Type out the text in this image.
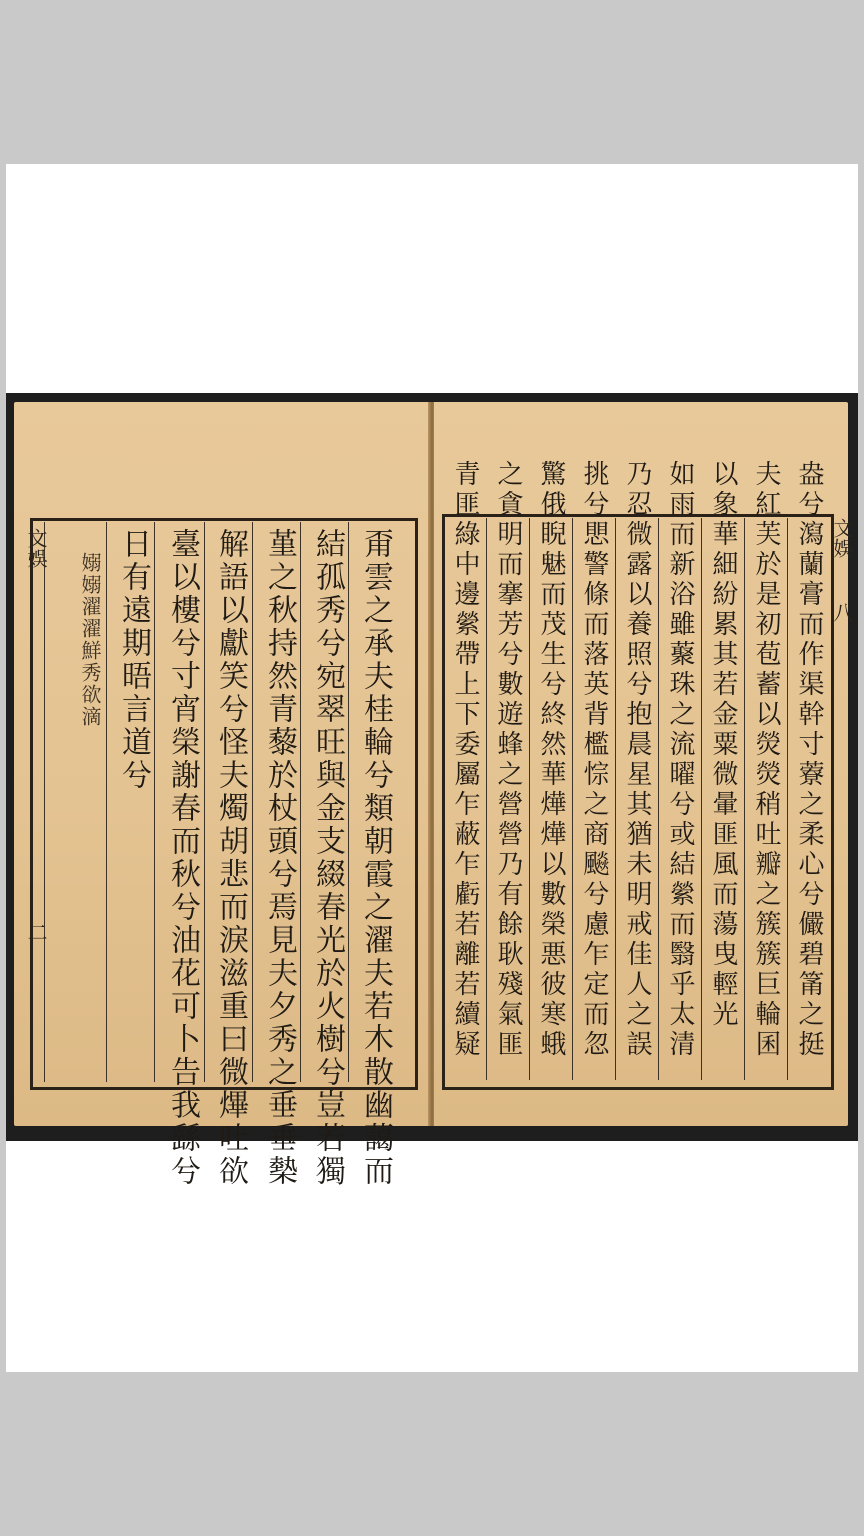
文娛
二	甭雲之承夫桂輪兮類朝霞之濯夫若木散幽藹而
結孤秀兮宛翠旺與金支綴春光於火樹兮豈若獨
堇之秋持然青藜於杖頭兮焉見夫夕秀之垂垂槷
解語以獻笑兮怪夫燭胡悲而淚滋重曰微熚吐欲
臺以樓兮寸宵榮謝春而秋兮油花可卜告我繇兮
日有遠期晤言道兮
嫋嫋濯濯鮮秀欲滴
文娛
八
盎兮瀉蘭膏而作渠幹寸藔之柔心兮儼碧筩之挺
夫紅芙於是初苞蓄以熒熒稍吐瓣之簇簇巨輪囷
以象華細紛累其若金粟微暈匪風而蕩曳輕光
如雨而新浴雖藂珠之流曜兮或結縈而翳乎太清
乃忍微露以養照兮抱晨星其猶未明戒佳人之誤
挑兮愳警條而落英背檻悰之商飈兮慮乍定而忽
驚俄睨魅而茂生兮終然華燁燁以數榮悪彼寒蛾
之貪明而搴芳兮數遊蜂之營營乃有餘耿殘氣匪
青匪綠中邊縈帶上下委屬乍蔽乍虧若離若續疑
